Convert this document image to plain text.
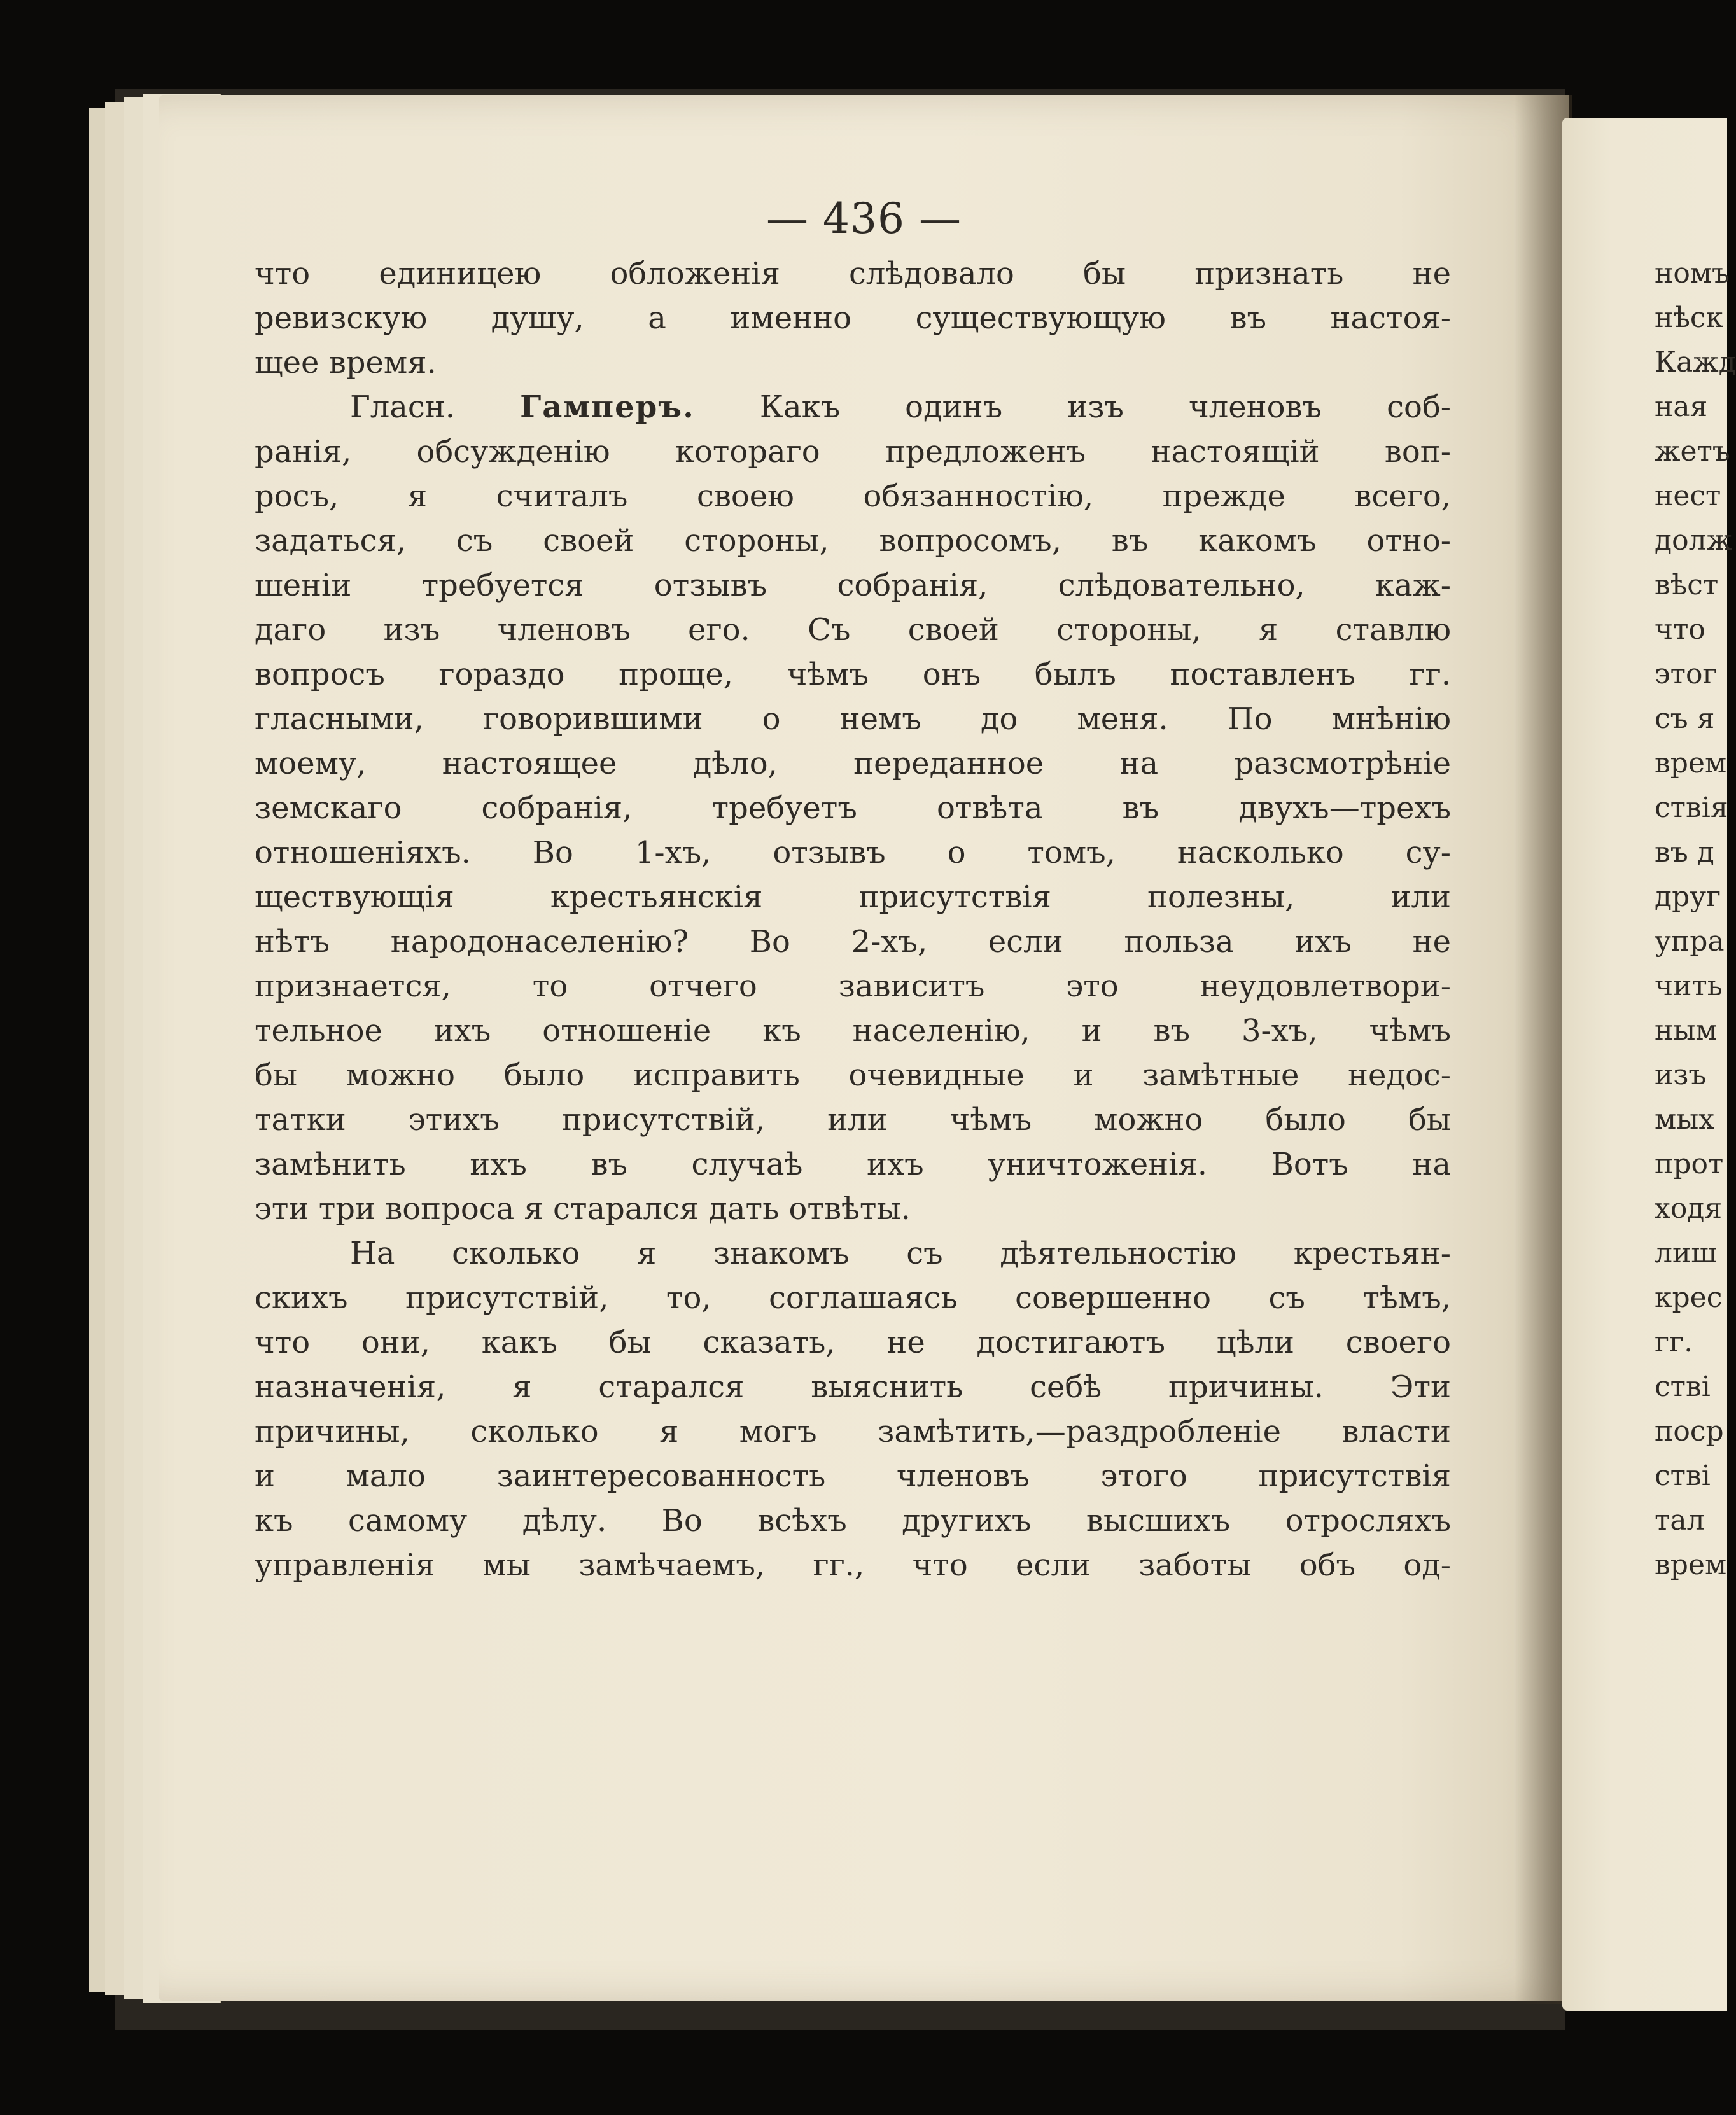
— 436 —
что единицею обложенія слѣдовало бы признать не
ревизскую душу, а именно существующую въ настоя-
щее время.
Гласн. Гамперъ. Какъ одинъ изъ членовъ соб-
ранія, обсужденію котораго предложенъ настоящій воп-
росъ, я считалъ своею обязанностію, прежде всего,
задаться, съ своей стороны, вопросомъ, въ какомъ отно-
шеніи требуется отзывъ собранія, слѣдовательно, каж-
даго изъ членовъ его. Съ своей стороны, я ставлю
вопросъ гораздо проще, чѣмъ онъ былъ поставленъ гг.
гласными, говорившими о немъ до меня. По мнѣнію
моему, настоящее дѣло, переданное на разсмотрѣніе
земскаго собранія, требуетъ отвѣта въ двухъ—трехъ
отношеніяхъ. Во 1-хъ, отзывъ о томъ, насколько су-
ществующія крестьянскія присутствія полезны, или
нѣтъ народонаселенію? Во 2-хъ, если польза ихъ не
признается, то отчего зависитъ это неудовлетвори-
тельное ихъ отношеніе къ населенію, и въ 3-хъ, чѣмъ
бы можно было исправить очевидные и замѣтные недос-
татки этихъ присутствій, или чѣмъ можно было бы
замѣнить ихъ въ случаѣ ихъ уничтоженія. Вотъ на
эти три вопроса я старался дать отвѣты.
На сколько я знакомъ съ дѣятельностію крестьян-
скихъ присутствій, то, соглашаясь совершенно съ тѣмъ,
что они, какъ бы сказать, не достигаютъ цѣли своего
назначенія, я старался выяснить себѣ причины. Эти
причины, сколько я могъ замѣтить,—раздробленіе власти
и мало заинтересованность членовъ этого присутствія
къ самому дѣлу. Во всѣхъ другихъ высшихъ отросляхъ
управленія мы замѣчаемъ, гг., что если заботы объ од-
номъ
нѣск
Кажд
ная
жетъ
нест
долж
вѣст
что
этог
съ я
врем
ствія
въ д
друг
упра
чить
ным
изъ
мых
прот
ходя
лиш
крес
гг.
ствi
поср
ствi
тал
врем
